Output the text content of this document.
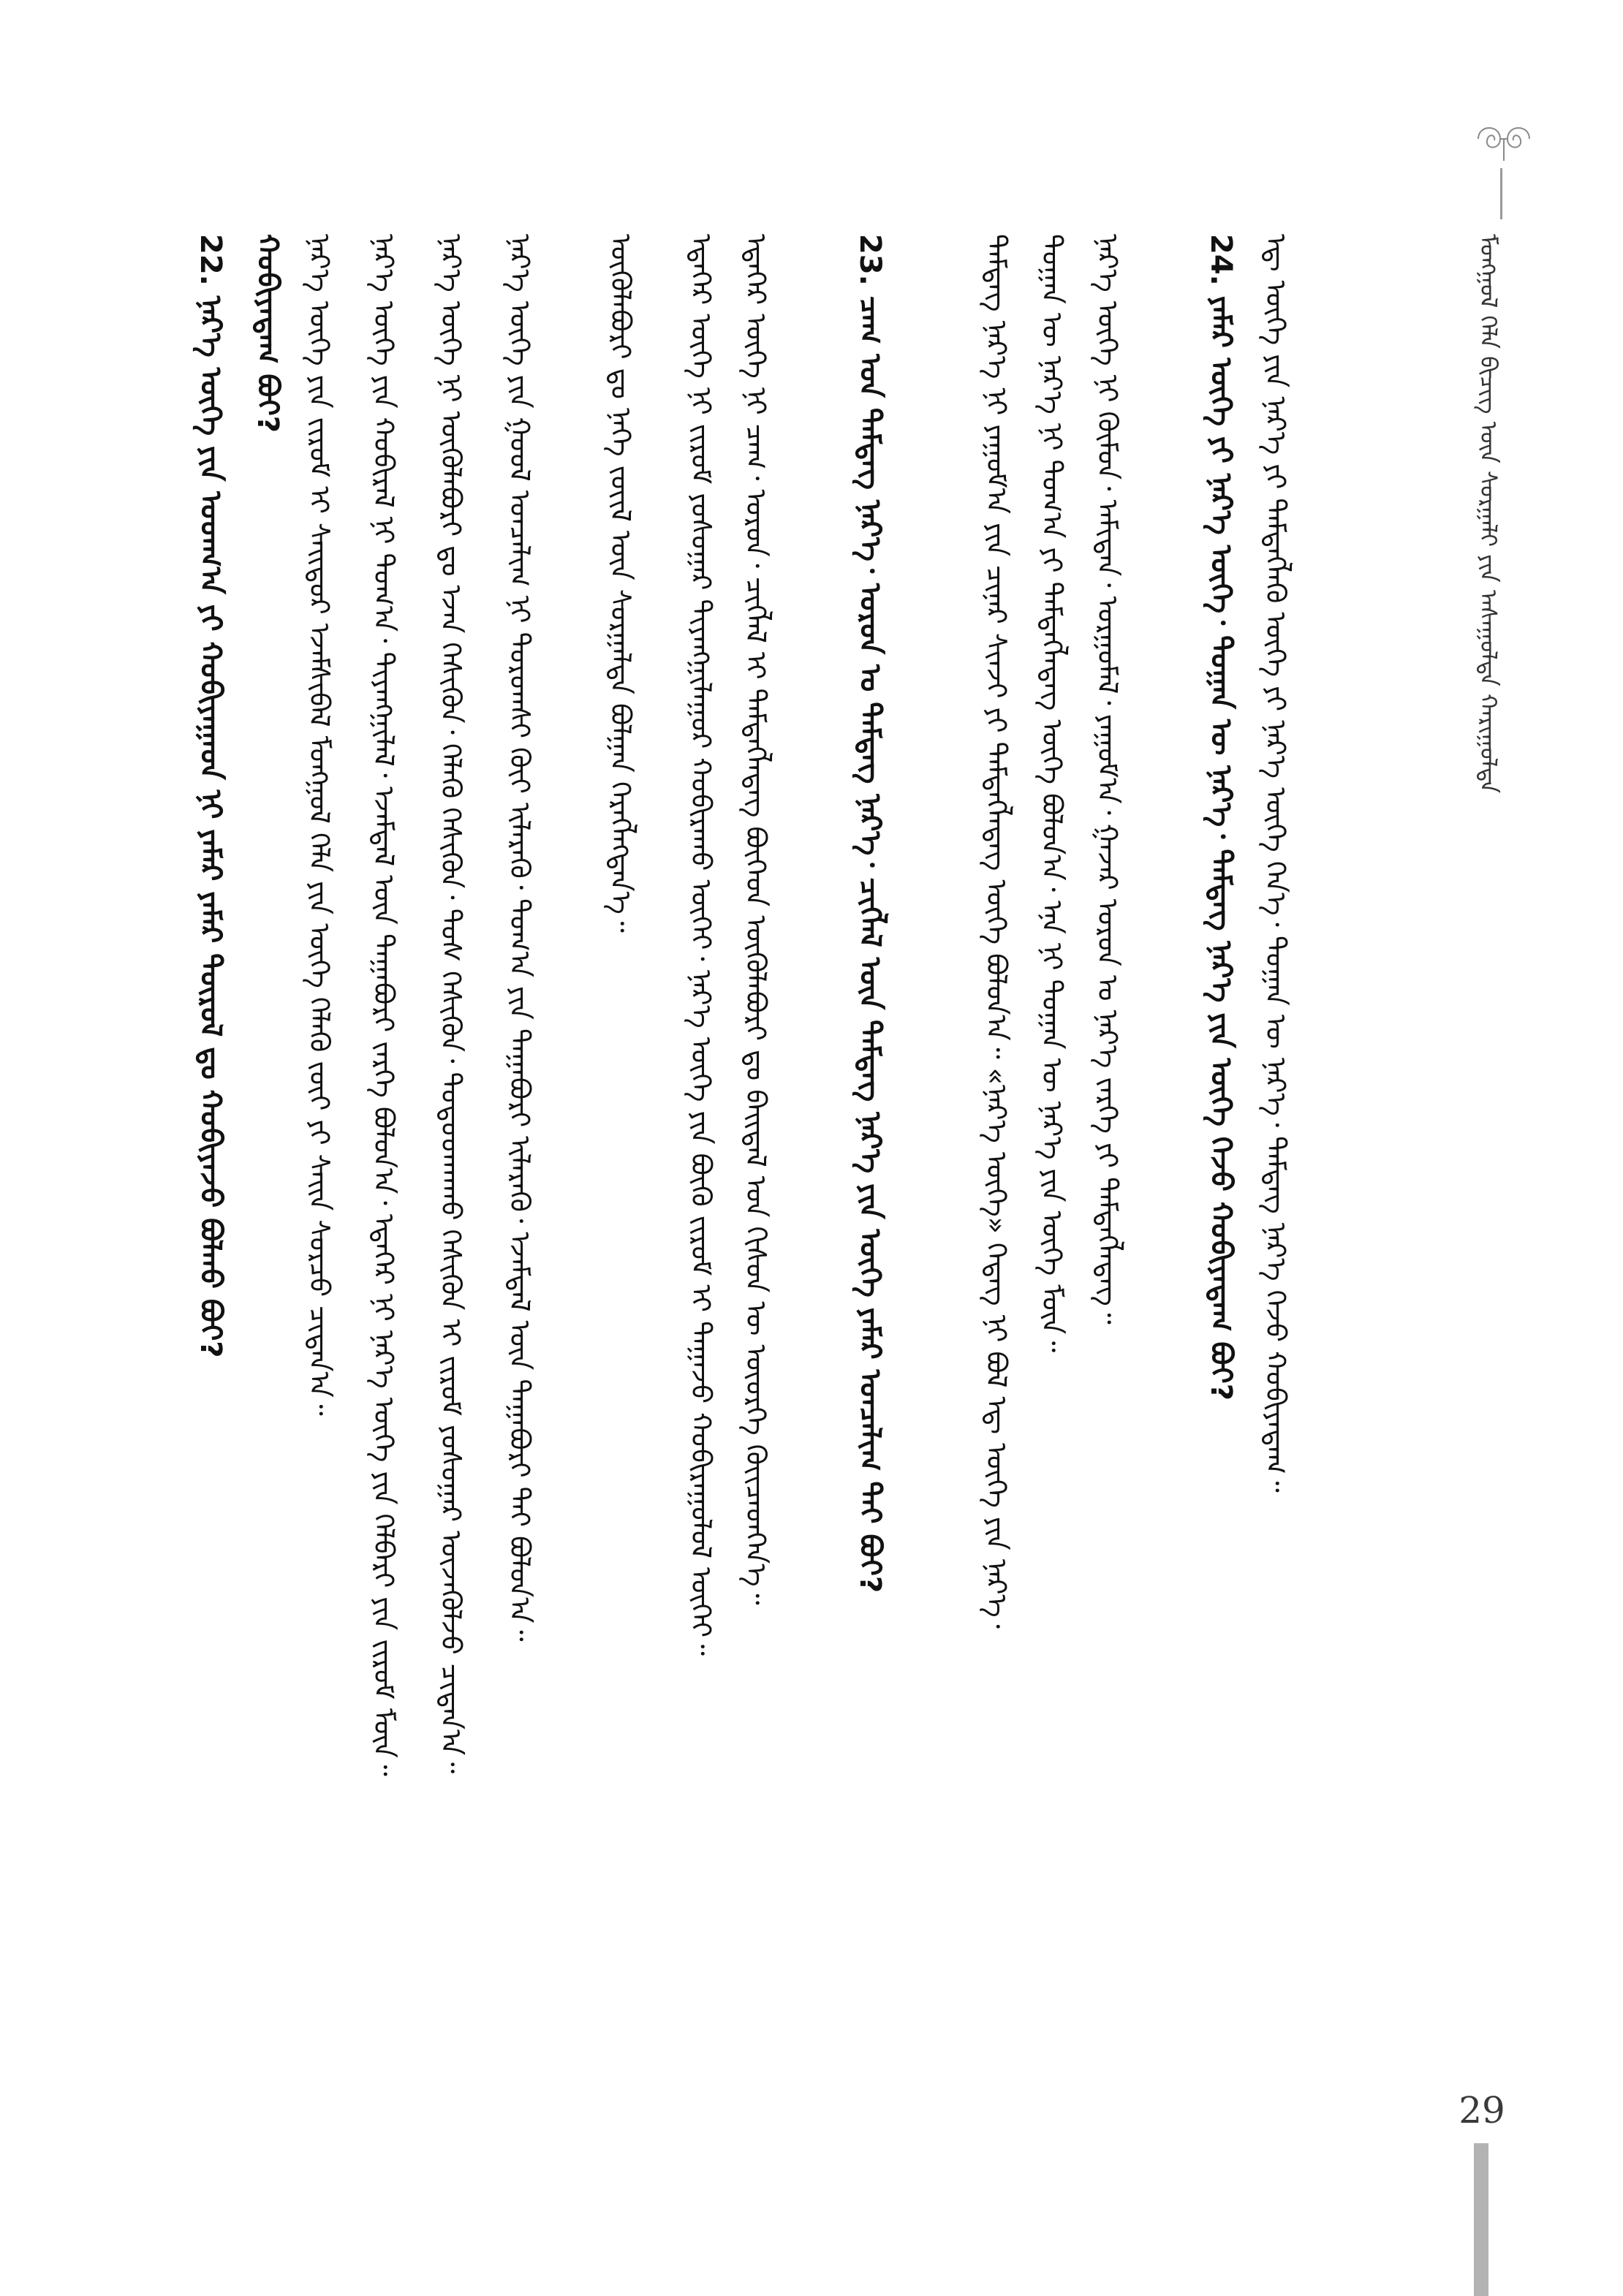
ᠮᠣᠩᠭᠣᠯ ᠬᠡᠯᠡ ᠪᠢᠴᠢᠭ ᠦᠨ ᠰᠤᠷᠭᠠᠯᠢ ᠶᠢᠨ ᠠᠰᠠᠭᠤᠯᠲᠠ ᠬᠠᠷᠢᠭᠤᠯᠲᠠ
24. ᠶᠠᠮᠠᠷ ᠦᠭᠡ ᠶᠢ ᠨᠡᠷ᠎ᠡ ᠦᠭᠡ᠂ ᠲᠣᠭᠠᠨ ᠦ ᠨᠡᠷ᠎ᠡ᠂ ᠲᠡᠮᠳᠡᠭ ᠨᠡᠷ᠎ᠡ ᠶᠢᠨ ᠦᠭᠡ ᠭᠡᠵᠦ ᠬᠤᠪᠢᠶᠠᠳᠠᠭ ᠪᠤᠢ? ᠡᠳ᠋ ᠦᠭᠡ ᠶᠢᠨ ᠨᠡᠷ᠎ᠡ ᠶᠢ ᠲᠡᠮᠳᠡᠭᠯᠡᠬᠦ ᠦᠭᠡ ᠶᠢ ᠨᠡᠷ᠎ᠡ ᠦᠭᠡ ᠭᠡᠨ᠎ᠡ᠂ ᠲᠣᠭᠠᠨ ᠦ ᠨᠡᠷ᠎ᠡ᠂ ᠲᠡᠮᠳᠡᠭ ᠨᠡᠷ᠎ᠡ ᠭᠡᠵᠦ ᠬᠤᠪᠢᠶᠠᠳᠠᠭ᠃
ᠨᠡᠷ᠎ᠡ ᠦᠭᠡ ᠨᠢ ᠬᠦᠮᠦᠨ᠂ ᠠᠮᠢᠲᠠᠨ᠂ ᠤᠷᠭᠤᠮᠠᠯ᠂ ᠶᠠᠭᠤᠮ᠎ᠠ᠂ ᠭᠠᠵᠠᠷ ᠤᠷᠤᠨ ᠤ ᠨᠡᠷ᠎ᠡ ᠵᠡᠷᠭᠡ ᠶᠢ ᠲᠡᠮᠳᠡᠭᠯᠡᠳᠡᠭ᠃
ᠲᠣᠭᠠᠨ ᠦ ᠨᠡᠷ᠎ᠡ ᠨᠢ ᠲᠣᠭ᠎ᠠ ᠶᠢ ᠲᠡᠮᠳᠡᠭᠯᠡᠳᠡᠭ ᠦᠭᠡ ᠪᠣᠯᠤᠨ᠎ᠠ᠂ ᠡᠨᠡ ᠨᠢ ᠲᠣᠭᠠᠨ ᠦ ᠨᠡᠷ᠎ᠡ ᠶᠢᠨ ᠦᠭᠡ ᠮᠥᠨ᠃
ᠲᠡᠮᠳᠡᠭ ᠨᠡᠷ᠎ᠡ ᠨᠢ ᠶᠠᠭᠤᠮ᠎ᠠ ᠶᠢᠨ ᠴᠢᠨᠠᠷ ᠱᠢᠨᠵᠢ ᠶᠢ ᠲᠡᠮᠳᠡᠭᠯᠡᠳᠡᠭ ᠦᠭᠡ ᠪᠣᠯᠤᠨ᠎ᠠ᠃ «ᠨᠡᠷ᠎ᠡ ᠦᠭᠡ» ᠭᠡᠳᠡᠭ ᠨᠢ ᠪᠣᠯ ᠡᠳ᠋ ᠦᠭᠡ ᠶᠢᠨ ᠨᠡᠷ᠎ᠡ᠂
23. ᠴᠠᠭ ᠤᠨ ᠲᠡᠮᠳᠡᠭ ᠨᠡᠷ᠎ᠡ᠂ ᠣᠷᠣᠨ ᠤ ᠲᠡᠮᠳᠡᠭ ᠨᠡᠷ᠎ᠡ᠂ ᠴᠢᠭᠯᠡᠯ ᠦᠨ ᠲᠡᠮᠳᠡᠭ ᠨᠡᠷ᠎ᠡ ᠶᠢᠨ ᠦᠭᠡ ᠶᠠᠮᠠᠷ ᠣᠨᠴᠠᠯᠢᠭ ᠲᠠᠢ ᠪᠤᠢ?
ᠡᠳᠡᠭᠡᠷ ᠦᠭᠡ ᠨᠢ ᠴᠠᠭ᠂ ᠣᠷᠣᠨ᠂ ᠴᠢᠭᠯᠡᠯ ᠢ ᠲᠡᠮᠳᠡᠭᠯᠡᠳᠡᠭ ᠪᠥᠭᠡᠳ ᠥᠭᠦᠯᠡᠪᠦᠷᠢ ᠳᠤ ᠪᠠᠢᠳᠠᠯ ᠤᠨ ᠭᠢᠰᠦᠨ ᠦ ᠦᠦᠷᠭᠡ ᠭᠦᠢᠴᠡᠳᠭᠡᠨ᠎ᠡ᠃
ᠡᠳᠡᠭᠡᠷ ᠦᠭᠡ ᠨᠢ ᠵᠢᠷᠤᠮ ᠶᠣᠰᠣᠭᠠᠷ ᠲᠢᠶᠠᠩᠭ᠋ᠢᠯᠠᠭᠤᠷ ᠬᠤᠪᠢᠷᠠᠬᠤ ᠦᠭᠡᠢ᠂ ᠨᠡᠷ᠎ᠡ ᠦᠭᠡ ᠶᠢᠨ ᠪᠦᠬᠦ ᠵᠢᠷᠤᠮ ᠢ ᠳᠠᠭᠠᠵᠤ ᠬᠤᠪᠢᠷᠠᠭᠤᠯᠤᠯ ᠦᠭᠡᠢ᠃
ᠥᠭᠦᠯᠡᠪᠦᠷᠢ ᠳᠤ ᠨᠡᠭᠡ ᠵᠦᠢᠯ ᠦᠨ ᠰᠤᠷᠭᠠᠯᠲᠠ ᠪᠣᠯᠭᠠᠨ ᠬᠡᠷᠡᠭᠯᠡᠭᠳᠡᠨ᠎ᠡ᠃
ᠨᠡᠷ᠎ᠡ ᠦᠭᠡ ᠶᠢᠨ ᠭᠣᠤᠯ ᠣᠨᠴᠠᠯᠢᠭ ᠨᠢ ᠳᠣᠷᠣᠭᠰᠢ ᠬᠦᠢ ᠢᠯᠡᠷᠡᠬᠦ᠂ ᠲᠣᠭ᠎ᠠ ᠶᠢᠨ ᠳᠠᠭᠠᠪᠤᠷᠢ ᠢᠯᠡᠷᠡᠬᠦ᠂ ᠡᠵᠡᠮᠳᠡᠯ ᠦᠨ ᠳᠠᠭᠠᠪᠤᠷᠢ ᠲᠠᠢ ᠪᠣᠯᠤᠨ᠎ᠠ᠃
ᠨᠡᠷ᠎ᠡ ᠦᠭᠡ ᠨᠢ ᠥᠭᠦᠯᠡᠪᠦᠷᠢ ᠳᠤ ᠡᠵᠡᠨ ᠭᠡᠰᠢᠭᠦᠨ᠂ ᠬᠡᠯᠡᠬᠦ ᠭᠡᠰᠢᠭᠦᠨ᠂ ᠲᠤᠰ ᠭᠡᠰᠢᠭᠦᠨ᠂ ᠲᠣᠳᠤᠳᠬᠠᠬᠤ ᠭᠡᠰᠢᠭᠦᠨ ᠢ ᠵᠢᠷᠤᠮ ᠶᠣᠰᠣᠭᠠᠷ ᠦᠵᠡᠭᠦᠯᠵᠦ ᠴᠢᠳᠠᠨ᠎ᠠ᠃
ᠨᠡᠷ᠎ᠡ ᠦᠭᠡ ᠶᠢᠨ ᠬᠤᠪᠢᠷᠠᠯ ᠨᠢ ᠲᠣᠭ᠎ᠠ᠂ ᠲᠢᠶᠠᠩᠭ᠋ᠢᠯᠠᠯ᠂ ᠡᠵᠡᠮᠳᠡᠯ ᠦᠨ ᠳᠠᠭᠠᠪᠤᠷᠢ ᠵᠡᠷᠭᠡ ᠪᠣᠯᠤᠨ᠎ᠠ᠂ ᠡᠳᠡᠭᠡᠷ ᠨᠢ ᠨᠡᠷ᠎ᠡ ᠦᠭᠡ ᠶᠢᠨ ᠬᠡᠯᠪᠡᠷᠢ ᠶᠢᠨ ᠵᠢᠷᠤᠮ ᠮᠥᠨ᠃
ᠨᠡᠷ᠎ᠡ ᠦᠭᠡ ᠶᠢᠨ ᠵᠢᠷᠤᠮ ᠢ ᠰᠠᠢᠲᠤᠷ ᠡᠵᠡᠮᠰᠢᠪᠡᠯ ᠮᠣᠩᠭᠣᠯ ᠬᠡᠯᠡ ᠶᠢᠨ ᠦᠭᠡ ᠬᠡᠯᠡᠬᠦ ᠵᠦᠢ ᠶᠢ ᠰᠠᠢᠨ ᠰᠤᠷᠴᠤ ᠴᠢᠳᠠᠨ᠎ᠠ᠃
22. ᠨᠡᠷ᠎ᠡ ᠦᠭᠡ ᠶᠢᠨ ᠤᠳᠬ᠎ᠠ ᠶᠢ ᠬᠤᠪᠢᠶᠠᠭᠠᠳ ᠨᠢ ᠶᠠᠮᠠᠷ ᠶᠠᠮᠠᠷ ᠲᠥᠷᠥᠯ ᠳᠤ ᠬᠤᠪᠢᠶᠠᠵᠤ ᠪᠣᠯᠬᠤ ᠪᠤᠢ? ᠬᠤᠪᠢᠶᠠᠳᠠᠭ ᠪᠤᠢ?
29
